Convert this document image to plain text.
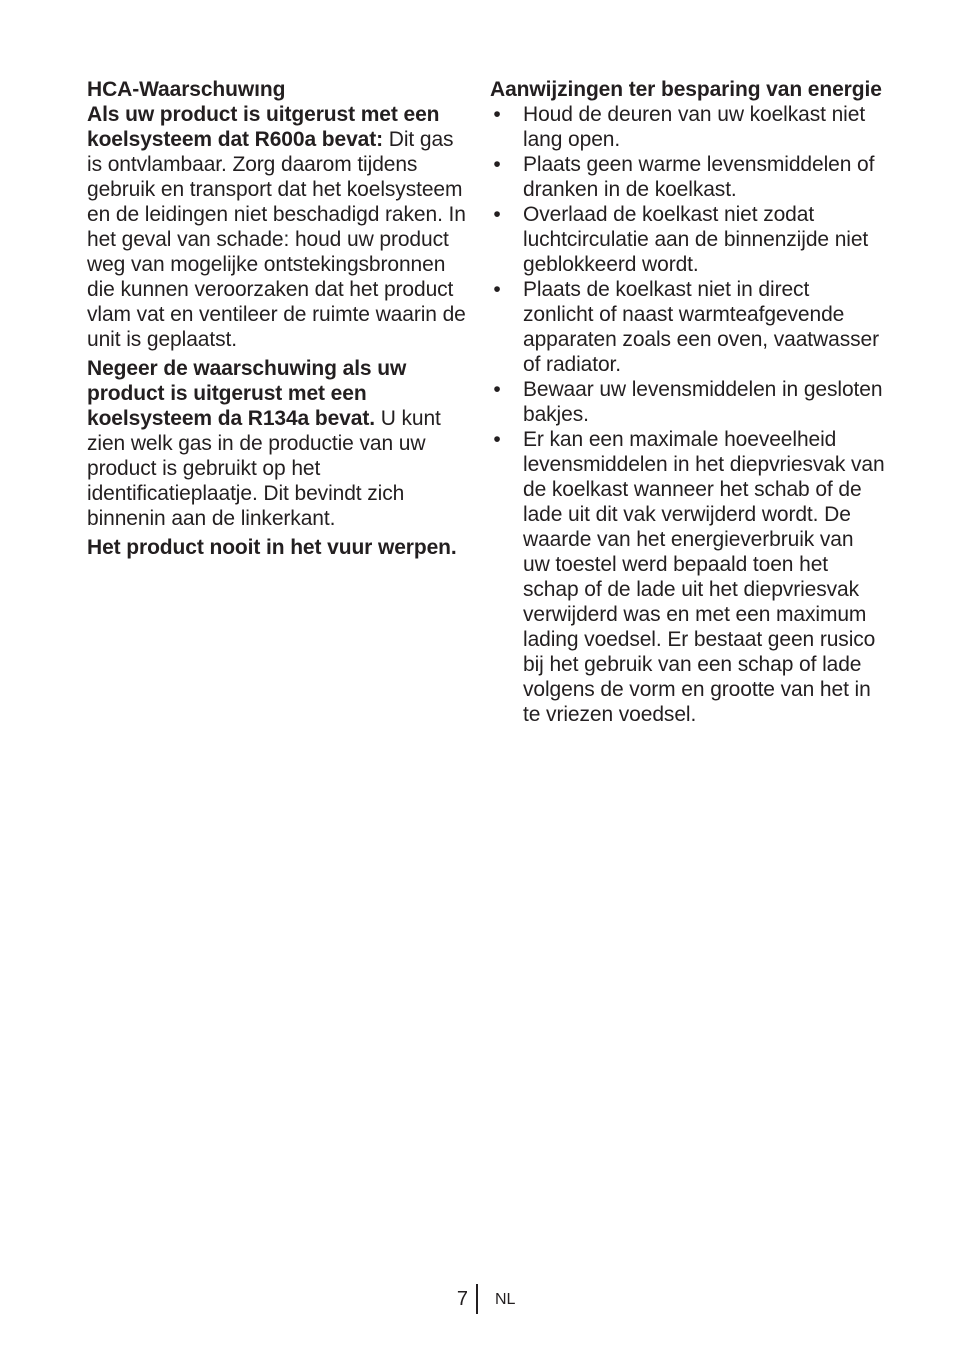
HCA-Waarschuwıng

Als uw product is uitgerust met een koelsysteem dat R600a bevat: Dit gas is ontvlambaar. Zorg daarom tijdens gebruik en transport dat het koelsysteem en de leidingen niet beschadigd raken. In het geval van schade: houd uw product weg van mogelijke ontstekingsbronnen die kunnen veroorzaken dat het product vlam vat en ventileer de ruimte waarin de unit is geplaatst.

Negeer de waarschuwing als uw product is uitgerust met een koelsysteem da R134a bevat. U kunt zien welk gas in de productie van uw product is gebruikt op het identificatieplaatje. Dit bevindt zich binnenin aan de linkerkant.

Het product nooit in het vuur werpen.

Aanwijzingen ter besparing van energie

• Houd de deuren van uw koelkast niet lang open.
• Plaats geen warme levensmiddelen of dranken in de koelkast.
• Overlaad de koelkast niet zodat luchtcirculatie aan de binnenzijde niet geblokkeerd wordt.
• Plaats de koelkast niet in direct zonlicht of naast warmteafgevende apparaten zoals een oven, vaatwasser of radiator.
• Bewaar uw levensmiddelen in gesloten bakjes.
• Er kan een maximale hoeveelheid levensmiddelen in het diepvriesvak van de koelkast wanneer het schab of de lade uit dit vak verwijderd wordt. De waarde van het energieverbruik van uw toestel werd bepaald toen het schap of de lade uit het diepvriesvak verwijderd was en met een maximum lading voedsel. Er bestaat geen rusico bij het gebruik van een schap of lade volgens de vorm en grootte van het in te vriezen voedsel.
7 NL
